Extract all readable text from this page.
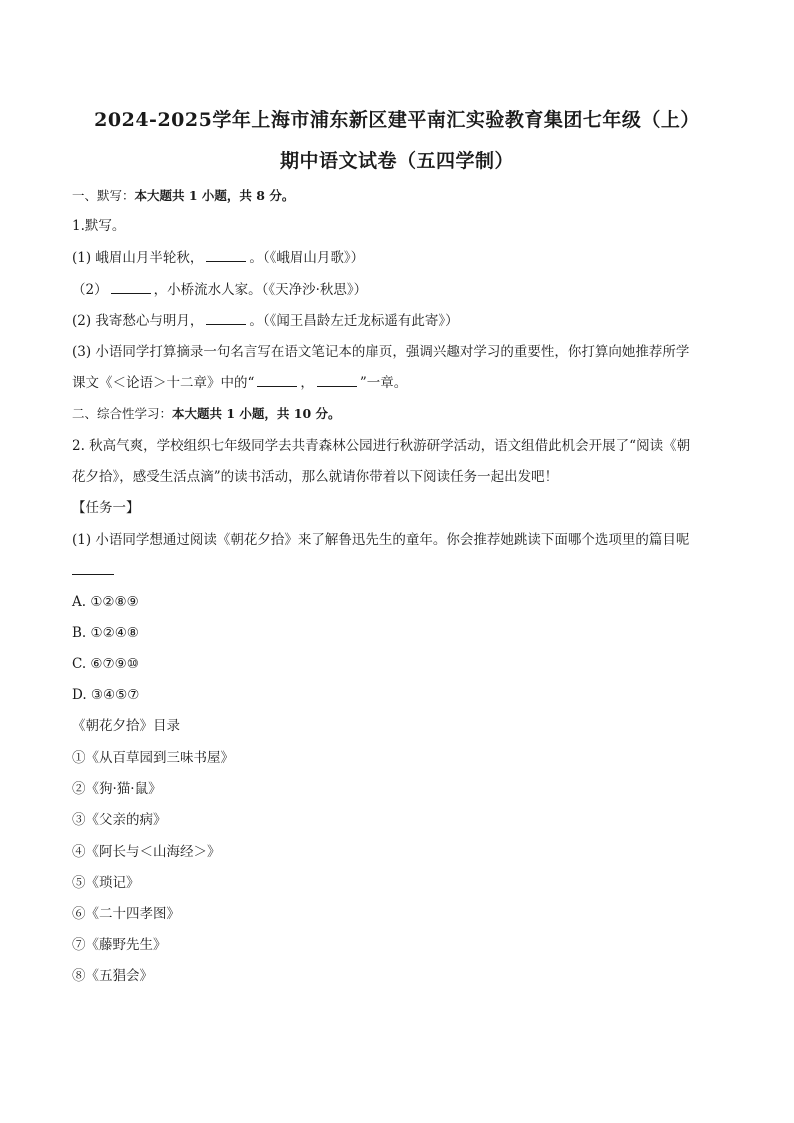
2024-2025学年上海市浦东新区建平南汇实验教育集团七年级（上）
期中语文试卷（五四学制）
一、默写：本大题共 1 小题，共 8 分。
1.默写。
(1) 峨眉山月半轮秋，	。（《峨眉山月歌》）
（2）	，小桥流水人家。（《天净沙·秋思》）
(2) 我寄愁心与明月，	。（《闻王昌龄左迁龙标遥有此寄》）
(3) 小语同学打算摘录一句名言写在语文笔记本的扉页，强调兴趣对学习的重要性，你打算向她推荐所学
课文《＜论语＞十二章》中的“	，	”一章。
二、综合性学习：本大题共 1 小题，共 10 分。
2. 秋高气爽，学校组织七年级同学去共青森林公园进行秋游研学活动，语文组借此机会开展了“阅读《朝
花夕拾》，感受生活点滴”的读书活动，那么就请你带着以下阅读任务一起出发吧！
【任务一】
(1) 小语同学想通过阅读《朝花夕拾》来了解鲁迅先生的童年。你会推荐她跳读下面哪个选项里的篇目呢
A. ①②⑧⑨
B. ①②④⑧
C. ⑥⑦⑨⑩
D. ③④⑤⑦
《朝花夕拾》目录
①《从百草园到三味书屋》
②《狗·猫·鼠》
③《父亲的病》
④《阿长与＜山海经＞》
⑤《琐记》
⑥《二十四孝图》
⑦《藤野先生》
⑧《五猖会》
